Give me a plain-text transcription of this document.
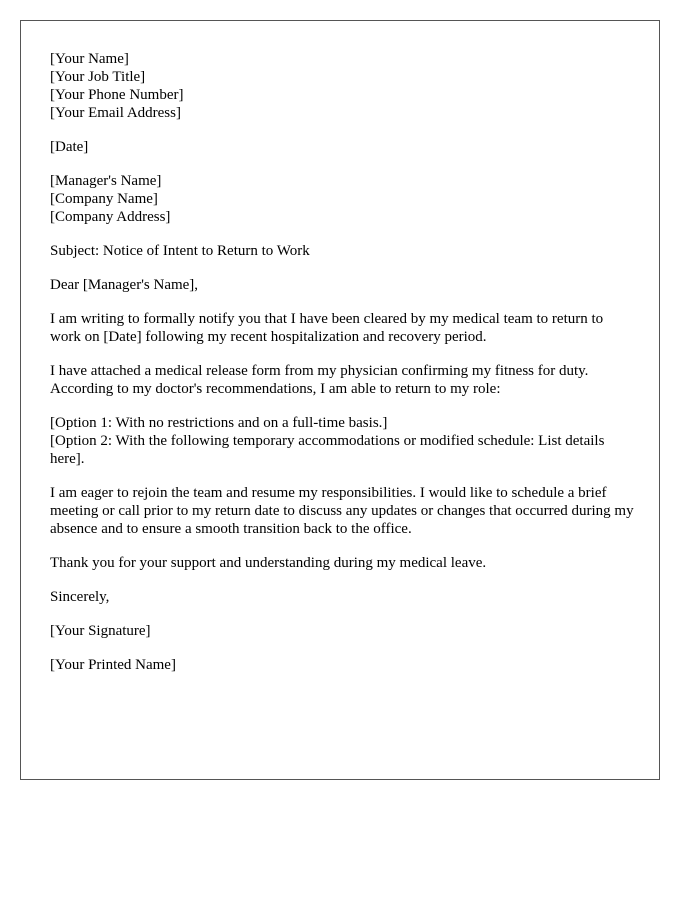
[Your Name]
[Your Job Title]
[Your Phone Number]
[Your Email Address]
[Date]
[Manager's Name]
[Company Name]
[Company Address]
Subject: Notice of Intent to Return to Work
Dear [Manager's Name],

I am writing to formally notify you that I have been cleared by my medical team to return to work on [Date] following my recent hospitalization and recovery period.

I have attached a medical release form from my physician confirming my fitness for duty. According to my doctor's recommendations, I am able to return to my role:

[Option 1: With no restrictions and on a full-time basis.]
[Option 2: With the following temporary accommodations or modified schedule: List details here].

I am eager to rejoin the team and resume my responsibilities. I would like to schedule a brief meeting or call prior to my return date to discuss any updates or changes that occurred during my absence and to ensure a smooth transition back to the office.

Thank you for your support and understanding during my medical leave.

Sincerely,
[Your Signature]
[Your Printed Name]
